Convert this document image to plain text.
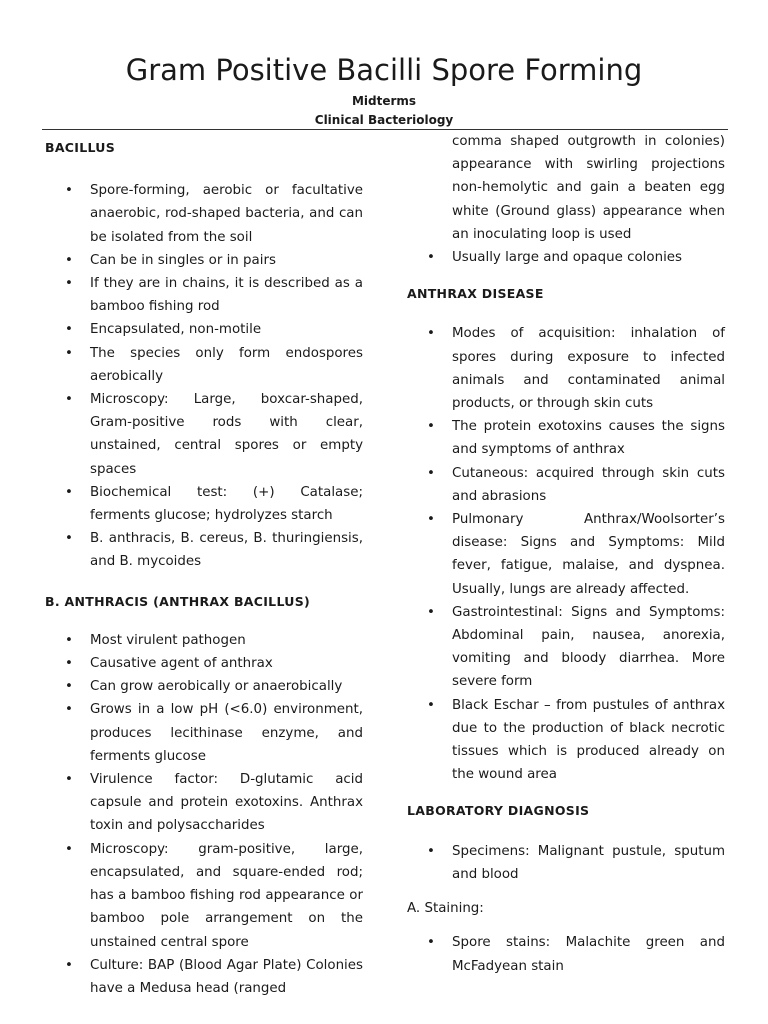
Gram Positive Bacilli Spore Forming
Midterms
Clinical Bacteriology
BACILLUS
• Spore-forming, aerobic or facultative anaerobic, rod-shaped bacteria, and can be isolated from the soil
• Can be in singles or in pairs
• If they are in chains, it is described as a bamboo fishing rod
• Encapsulated, non-motile
• The species only form endospores aerobically
• Microscopy: Large, boxcar-shaped, Gram-positive rods with clear, unstained, central spores or empty spaces
• Biochemical test: (+) Catalase; ferments glucose; hydrolyzes starch
• B. anthracis, B. cereus, B. thuringiensis, and B. mycoides
B. ANTHRACIS (ANTHRAX BACILLUS)
• Most virulent pathogen
• Causative agent of anthrax
• Can grow aerobically or anaerobically
• Grows in a low pH (<6.0) environment, produces lecithinase enzyme, and ferments glucose
• Virulence factor: D-glutamic acid capsule and protein exotoxins. Anthrax toxin and polysaccharides
• Microscopy: gram-positive, large, encapsulated, and square-ended rod; has a bamboo fishing rod appearance or bamboo pole arrangement on the unstained central spore
• Culture: BAP (Blood Agar Plate) Colonies have a Medusa head (ranged
comma shaped outgrowth in colonies) appearance with swirling projections non-hemolytic and gain a beaten egg white (Ground glass) appearance when an inoculating loop is used
• Usually large and opaque colonies
ANTHRAX DISEASE
• Modes of acquisition: inhalation of spores during exposure to infected animals and contaminated animal products, or through skin cuts
• The protein exotoxins causes the signs and symptoms of anthrax
• Cutaneous: acquired through skin cuts and abrasions
• Pulmonary Anthrax/Woolsorter’s disease: Signs and Symptoms: Mild fever, fatigue, malaise, and dyspnea. Usually, lungs are already affected.
• Gastrointestinal: Signs and Symptoms: Abdominal pain, nausea, anorexia, vomiting and bloody diarrhea. More severe form
• Black Eschar – from pustules of anthrax due to the production of black necrotic tissues which is produced already on the wound area
LABORATORY DIAGNOSIS
• Specimens: Malignant pustule, sputum and blood

A. Staining:

• Spore stains: Malachite green and McFadyean stain
